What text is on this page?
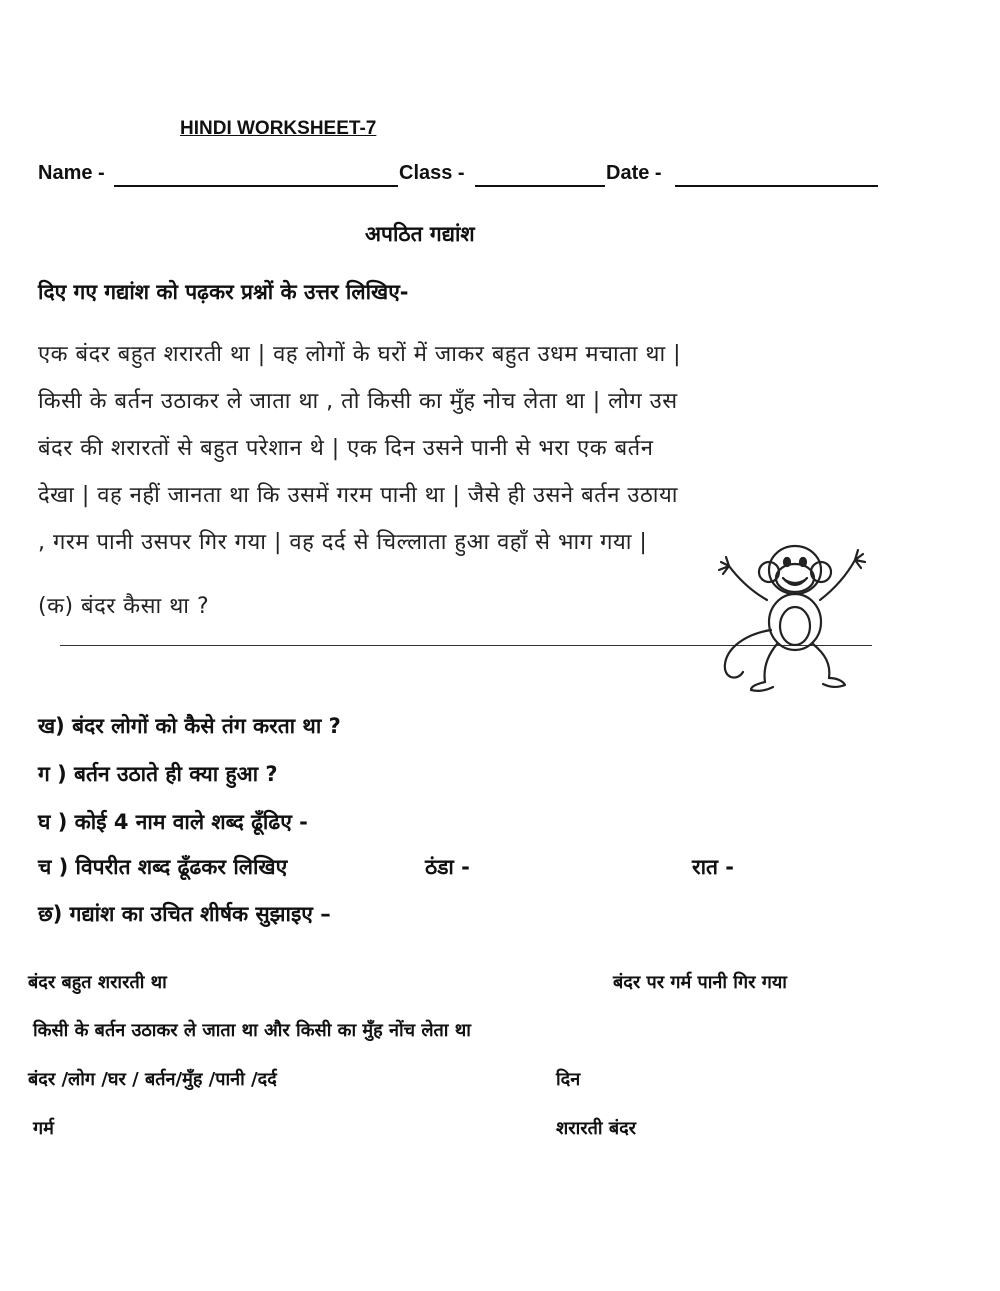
HINDI WORKSHEET-7
Name -	Class -	Date -
अपठित गद्यांश
दिए गए गद्यांश को पढ़कर प्रश्नों के उत्तर लिखिए-
एक बंदर बहुत शरारती था | वह लोगों के घरों में जाकर बहुत उधम मचाता था |
किसी के बर्तन उठाकर ले जाता था , तो किसी का मुँह नोच लेता था | लोग उस
बंदर की शरारतों से बहुत परेशान थे | एक दिन उसने पानी से भरा एक बर्तन
देखा | वह नहीं जानता था कि उसमें गरम पानी था | जैसे ही उसने बर्तन उठाया
, गरम पानी उसपर गिर गया | वह दर्द से चिल्लाता हुआ वहाँ से भाग गया |
(क) बंदर कैसा था ?
ख) बंदर लोगों को कैसे तंग करता था ?
ग ) बर्तन उठाते ही क्या हुआ ?
घ ) कोई 4 नाम वाले शब्द ढूँढिए -
च ) विपरीत शब्द ढूँढकर लिखिए	ठंडा -	रात -
छ) गद्यांश का उचित शीर्षक सुझाइए –
बंदर बहुत शरारती था	बंदर पर गर्म पानी गिर गया
किसी के बर्तन उठाकर ले जाता था और किसी का मुँह नोंच लेता था
बंदर /लोग /घर / बर्तन/मुँह /पानी /दर्द	दिन
गर्म	शरारती बंदर
